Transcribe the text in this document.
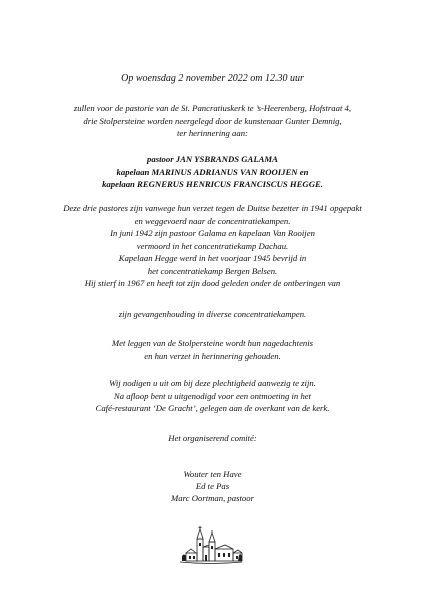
Op woensdag 2 november 2022 om 12.30 uur
zullen voor de pastorie van de St. Pancratiuskerk te ’s-Heerenberg, Hofstraat 4,
drie Stolpersteine worden neergelegd door de kunstenaar Gunter Demnig,
ter herinnering aan:
pastoor JAN YSBRANDS GALAMA
kapelaan MARINUS ADRIANUS VAN ROOIJEN en
kapelaan REGNERUS HENRICUS FRANCISCUS HEGGE.
Deze drie pastores zijn vanwege hun verzet tegen de Duitse bezetter in 1941 opgepakt
en weggevoerd naar de concentratiekampen.
In juni 1942 zijn pastoor Galama en kapelaan Van Rooijen
vermoord in het concentratiekamp Dachau.
Kapelaan Hegge werd in het voorjaar 1945 bevrijd in
het concentratiekamp Bergen Belsen.
Hij stierf in 1967 en heeft tot zijn dood geleden onder de ontberingen van
zijn gevangenhouding in diverse concentratiekampen.
Met leggen van de Stolpersteine wordt hun nagedachtenis
en hun verzet in herinnering gehouden.
Wij nodigen u uit om bij deze plechtigheid aanwezig te zijn.
Na afloop bent u uitgenodigd voor een ontmoeting in het
Café-restaurant ‘De Gracht’, gelegen aan de overkant van de kerk.
Het organiserend comité:
Wouter ten Have
Ed te Pas
Marc Oortman, pastoor
